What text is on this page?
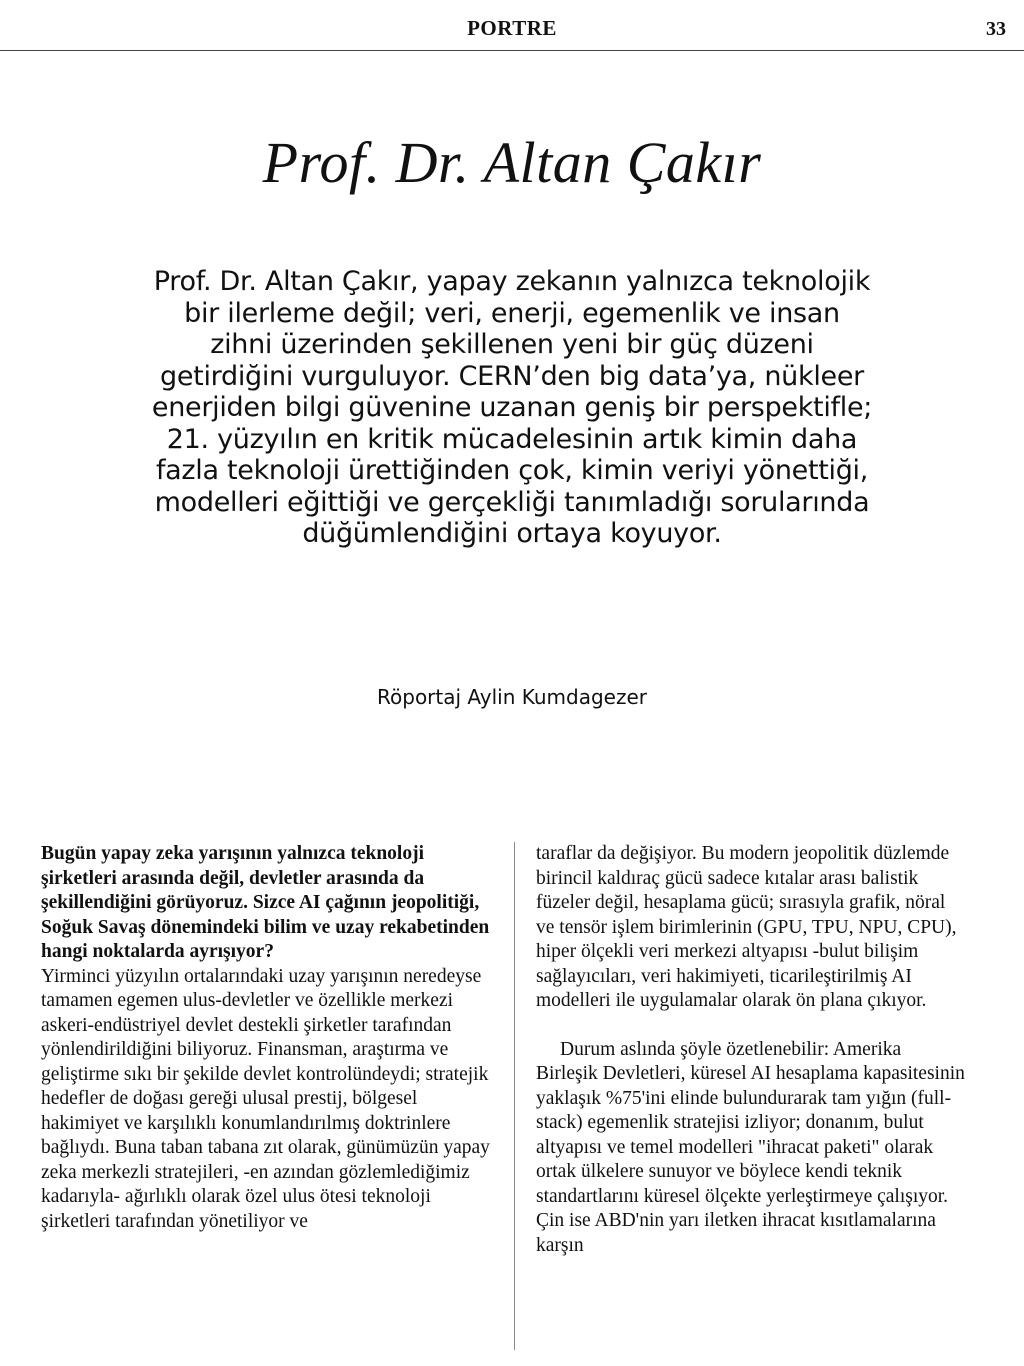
PORTRE	33
Prof. Dr. Altan Çakır

Prof. Dr. Altan Çakır, yapay zekanın yalnızca teknolojik bir ilerleme değil; veri, enerji, egemenlik ve insan zihni üzerinden şekillenen yeni bir güç düzeni getirdiğini vurguluyor. CERN’den big data’ya, nükleer enerjiden bilgi güvenine uzanan geniş bir perspektifle; 21. yüzyılın en kritik mücadelesinin artık kimin daha fazla teknoloji ürettiğinden çok, kimin veriyi yönettiği, modelleri eğittiği ve gerçekliği tanımladığı sorularında düğümlendiğini ortaya koyuyor.

Röportaj Aylin Kumdagezer

Bugün yapay zeka yarışının yalnızca teknoloji şirketleri arasında değil, devletler arasında da şekillendiğini görüyoruz. Sizce AI çağının jeopolitiği, Soğuk Savaş dönemindeki bilim ve uzay rekabetinden hangi noktalarda ayrışıyor?
Yirminci yüzyılın ortalarındaki uzay yarışının neredeyse tamamen egemen ulus-devletler ve özellikle merkezi askeri-endüstriyel devlet destekli şirketler tarafından yönlendirildiğini biliyoruz. Finansman, araştırma ve geliştirme sıkı bir şekilde devlet kontrolündeydi; stratejik hedefler de doğası gereği ulusal prestij, bölgesel hakimiyet ve karşılıklı konumlandırılmış doktrinlere bağlıydı. Buna taban tabana zıt olarak, günümüzün yapay zeka merkezli stratejileri, -en azından gözlemlediğimiz kadarıyla- ağırlıklı olarak özel ulus ötesi teknoloji şirketleri tarafından yönetiliyor ve

taraflar da değişiyor. Bu modern jeopolitik düzlemde birincil kaldıraç gücü sadece kıtalar arası balistik füzeler değil, hesaplama gücü; sırasıyla grafik, nöral ve tensör işlem birimlerinin (GPU, TPU, NPU, CPU), hiper ölçekli veri merkezi altyapısı -bulut bilişim sağlayıcıları, veri hakimiyeti, ticarileştirilmiş AI modelleri ile uygulamalar olarak ön plana çıkıyor.

Durum aslında şöyle özetlenebilir: Amerika Birleşik Devletleri, küresel AI hesaplama kapasitesinin yaklaşık %75'ini elinde bulundurarak tam yığın (full-stack) egemenlik stratejisi izliyor; donanım, bulut altyapısı ve temel modelleri "ihracat paketi" olarak ortak ülkelere sunuyor ve böylece kendi teknik standartlarını küresel ölçekte yerleştirmeye çalışıyor. Çin ise ABD'nin yarı iletken ihracat kısıtlamalarına karşın
